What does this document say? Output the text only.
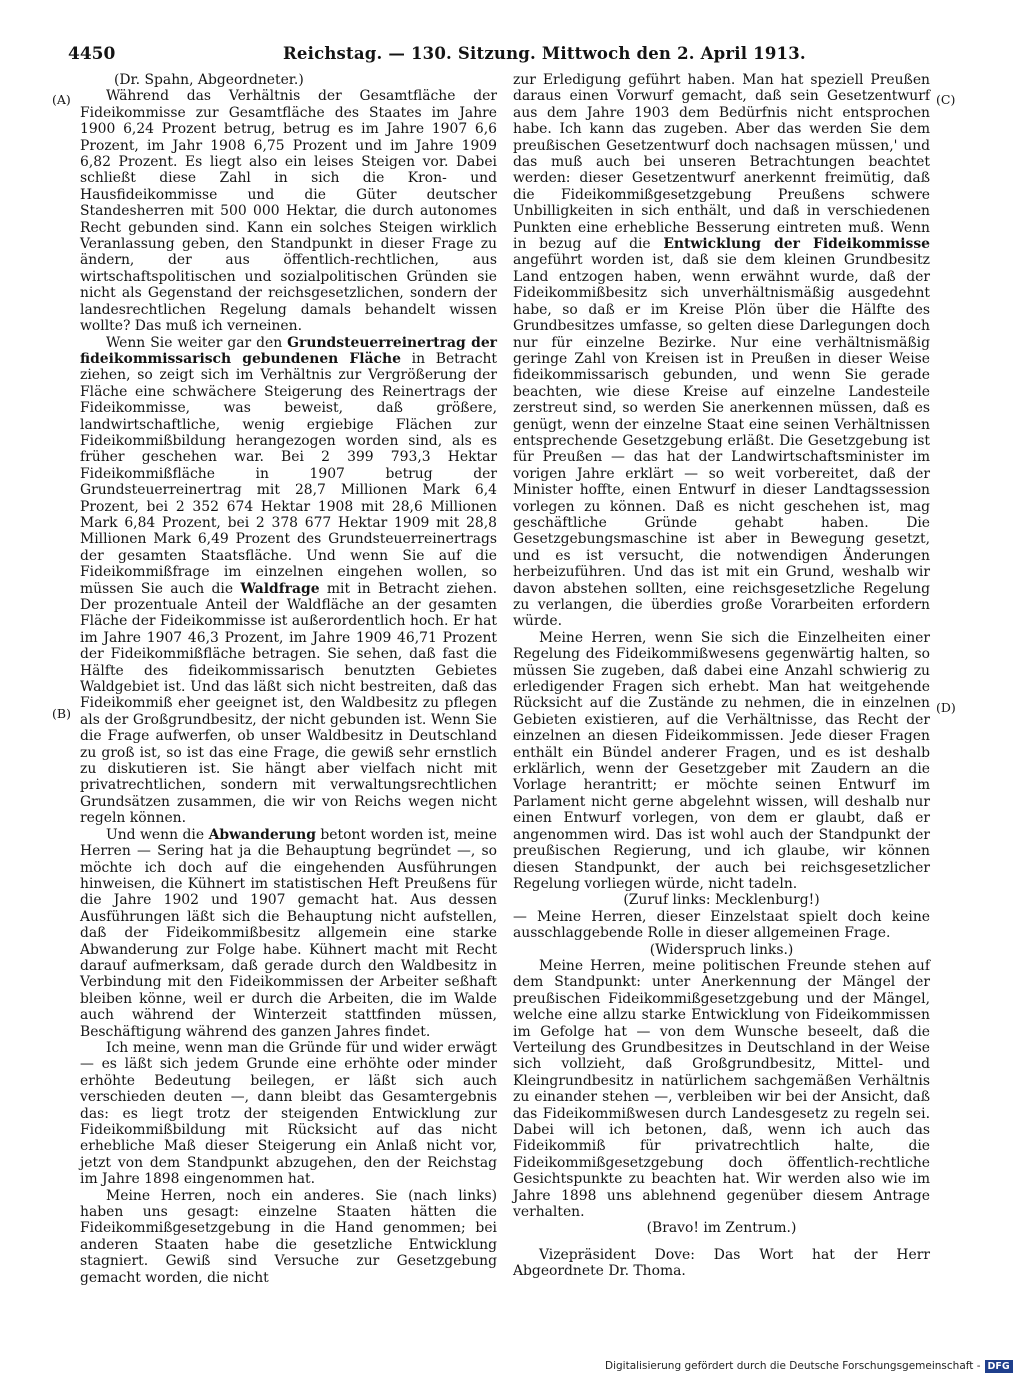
4450	Reichstag. — 130. Sitzung. Mittwoch den 2. April 1913.
(A)
(B)
(C)
(D)

(Dr. Spahn, Abgeordneter.)

Während das Verhältnis der Gesamtfläche der Fideikommisse zur Gesamtfläche des Staates im Jahre 1900 6,24 Prozent betrug, betrug es im Jahre 1907 6,6 Prozent, im Jahr 1908 6,75 Prozent und im Jahre 1909 6,82 Prozent. Es liegt also ein leises Steigen vor. Dabei schließt diese Zahl in sich die Kron- und Hausfideikommisse und die Güter deutscher Standesherren mit 500 000 Hektar, die durch autonomes Recht gebunden sind. Kann ein solches Steigen wirklich Veranlassung geben, den Standpunkt in dieser Frage zu ändern, der aus öffentlich-rechtlichen, aus wirtschaftspolitischen und sozialpolitischen Gründen sie nicht als Gegenstand der reichsgesetzlichen, sondern der landesrechtlichen Regelung damals behandelt wissen wollte? Das muß ich verneinen.

Wenn Sie weiter gar den Grundsteuerreinertrag der fideikommissarisch gebundenen Fläche in Betracht ziehen, so zeigt sich im Verhältnis zur Vergrößerung der Fläche eine schwächere Steigerung des Reinertrags der Fideikommisse, was beweist, daß größere, landwirtschaftliche, wenig ergiebige Flächen zur Fideikommißbildung herangezogen worden sind, als es früher geschehen war. Bei 2 399 793,3 Hektar Fideikommißfläche in 1907 betrug der Grundsteuerreinertrag mit 28,7 Millionen Mark 6,4 Prozent, bei 2 352 674 Hektar 1908 mit 28,6 Millionen Mark 6,84 Prozent, bei 2 378 677 Hektar 1909 mit 28,8 Millionen Mark 6,49 Prozent des Grundsteuerreinertrags der gesamten Staatsfläche. Und wenn Sie auf die Fideikommißfrage im einzelnen eingehen wollen, so müssen Sie auch die Waldfrage mit in Betracht ziehen. Der prozentuale Anteil der Waldfläche an der gesamten Fläche der Fideikommisse ist außerordentlich hoch. Er hat im Jahre 1907 46,3 Prozent, im Jahre 1909 46,71 Prozent der Fideikommißfläche betragen. Sie sehen, daß fast die Hälfte des fideikommissarisch benutzten Gebietes Waldgebiet ist. Und das läßt sich nicht bestreiten, daß das Fideikommiß eher geeignet ist, den Waldbesitz zu pflegen als der Großgrundbesitz, der nicht gebunden ist. Wenn Sie die Frage aufwerfen, ob unser Waldbesitz in Deutschland zu groß ist, so ist das eine Frage, die gewiß sehr ernstlich zu diskutieren ist. Sie hängt aber vielfach nicht mit privatrechtlichen, sondern mit verwaltungsrechtlichen Grundsätzen zusammen, die wir von Reichs wegen nicht regeln können.

Und wenn die Abwanderung betont worden ist, meine Herren — Sering hat ja die Behauptung begründet —, so möchte ich doch auf die eingehenden Ausführungen hinweisen, die Kühnert im statistischen Heft Preußens für die Jahre 1902 und 1907 gemacht hat. Aus dessen Ausführungen läßt sich die Behauptung nicht aufstellen, daß der Fideikommißbesitz allgemein eine starke Abwanderung zur Folge habe. Kühnert macht mit Recht darauf aufmerksam, daß gerade durch den Waldbesitz in Verbindung mit den Fideikommissen der Arbeiter seßhaft bleiben könne, weil er durch die Arbeiten, die im Walde auch während der Winterzeit stattfinden müssen, Beschäftigung während des ganzen Jahres findet.

Ich meine, wenn man die Gründe für und wider erwägt — es läßt sich jedem Grunde eine erhöhte oder minder erhöhte Bedeutung beilegen, er läßt sich auch verschieden deuten —, dann bleibt das Gesamtergebnis das: es liegt trotz der steigenden Entwicklung zur Fideikommißbildung mit Rücksicht auf das nicht erhebliche Maß dieser Steigerung ein Anlaß nicht vor, jetzt von dem Standpunkt abzugehen, den der Reichstag im Jahre 1898 eingenommen hat.

Meine Herren, noch ein anderes. Sie (nach links) haben uns gesagt: einzelne Staaten hätten die Fideikommißgesetzgebung in die Hand genommen; bei anderen Staaten habe die gesetzliche Entwicklung stagniert. Gewiß sind Versuche zur Gesetzgebung gemacht worden, die nicht

zur Erledigung geführt haben. Man hat speziell Preußen daraus einen Vorwurf gemacht, daß sein Gesetzentwurf aus dem Jahre 1903 dem Bedürfnis nicht entsprochen habe. Ich kann das zugeben. Aber das werden Sie dem preußischen Gesetzentwurf doch nachsagen müssen,' und das muß auch bei unseren Betrachtungen beachtet werden: dieser Gesetzentwurf anerkennt freimütig, daß die Fideikommißgesetzgebung Preußens schwere Unbilligkeiten in sich enthält, und daß in verschiedenen Punkten eine erhebliche Besserung eintreten muß. Wenn in bezug auf die Entwicklung der Fideikommisse angeführt worden ist, daß sie dem kleinen Grundbesitz Land entzogen haben, wenn erwähnt wurde, daß der Fideikommißbesitz sich unverhältnismäßig ausgedehnt habe, so daß er im Kreise Plön über die Hälfte des Grundbesitzes umfasse, so gelten diese Darlegungen doch nur für einzelne Bezirke. Nur eine verhältnismäßig geringe Zahl von Kreisen ist in Preußen in dieser Weise fideikommissarisch gebunden, und wenn Sie gerade beachten, wie diese Kreise auf einzelne Landesteile zerstreut sind, so werden Sie anerkennen müssen, daß es genügt, wenn der einzelne Staat eine seinen Verhältnissen entsprechende Gesetzgebung erläßt. Die Gesetzgebung ist für Preußen — das hat der Landwirtschaftsminister im vorigen Jahre erklärt — so weit vorbereitet, daß der Minister hoffte, einen Entwurf in dieser Landtagssession vorlegen zu können. Daß es nicht geschehen ist, mag geschäftliche Gründe gehabt haben. Die Gesetzgebungsmaschine ist aber in Bewegung gesetzt, und es ist versucht, die notwendigen Änderungen herbeizuführen. Und das ist mit ein Grund, weshalb wir davon abstehen sollten, eine reichsgesetzliche Regelung zu verlangen, die überdies große Vorarbeiten erfordern würde.

Meine Herren, wenn Sie sich die Einzelheiten einer Regelung des Fideikommißwesens gegenwärtig halten, so müssen Sie zugeben, daß dabei eine Anzahl schwierig zu erledigender Fragen sich erhebt. Man hat weitgehende Rücksicht auf die Zustände zu nehmen, die in einzelnen Gebieten existieren, auf die Verhältnisse, das Recht der einzelnen an diesen Fideikommissen. Jede dieser Fragen enthält ein Bündel anderer Fragen, und es ist deshalb erklärlich, wenn der Gesetzgeber mit Zaudern an die Vorlage herantritt; er möchte seinen Entwurf im Parlament nicht gerne abgelehnt wissen, will deshalb nur einen Entwurf vorlegen, von dem er glaubt, daß er angenommen wird. Das ist wohl auch der Standpunkt der preußischen Regierung, und ich glaube, wir können diesen Standpunkt, der auch bei reichsgesetzlicher Regelung vorliegen würde, nicht tadeln.

(Zuruf links: Mecklenburg!)

— Meine Herren, dieser Einzelstaat spielt doch keine ausschlaggebende Rolle in dieser allgemeinen Frage.

(Widerspruch links.)

Meine Herren, meine politischen Freunde stehen auf dem Standpunkt: unter Anerkennung der Mängel der preußischen Fideikommißgesetzgebung und der Mängel, welche eine allzu starke Entwicklung von Fideikommissen im Gefolge hat — von dem Wunsche beseelt, daß die Verteilung des Grundbesitzes in Deutschland in der Weise sich vollzieht, daß Großgrundbesitz, Mittel- und Kleingrundbesitz in natürlichem sachgemäßen Verhältnis zu einander stehen —, verbleiben wir bei der Ansicht, daß das Fideikommißwesen durch Landesgesetz zu regeln sei. Dabei will ich betonen, daß, wenn ich auch das Fideikommiß für privatrechtlich halte, die Fideikommißgesetzgebung doch öffentlich-rechtliche Gesichtspunkte zu beachten hat. Wir werden also wie im Jahre 1898 uns ablehnend gegenüber diesem Antrage verhalten.

(Bravo! im Zentrum.)

Vizepräsident Dove: Das Wort hat der Herr Abgeordnete Dr. Thoma.

Digitalisierung gefördert durch die Deutsche Forschungsgemeinschaft - DFG
